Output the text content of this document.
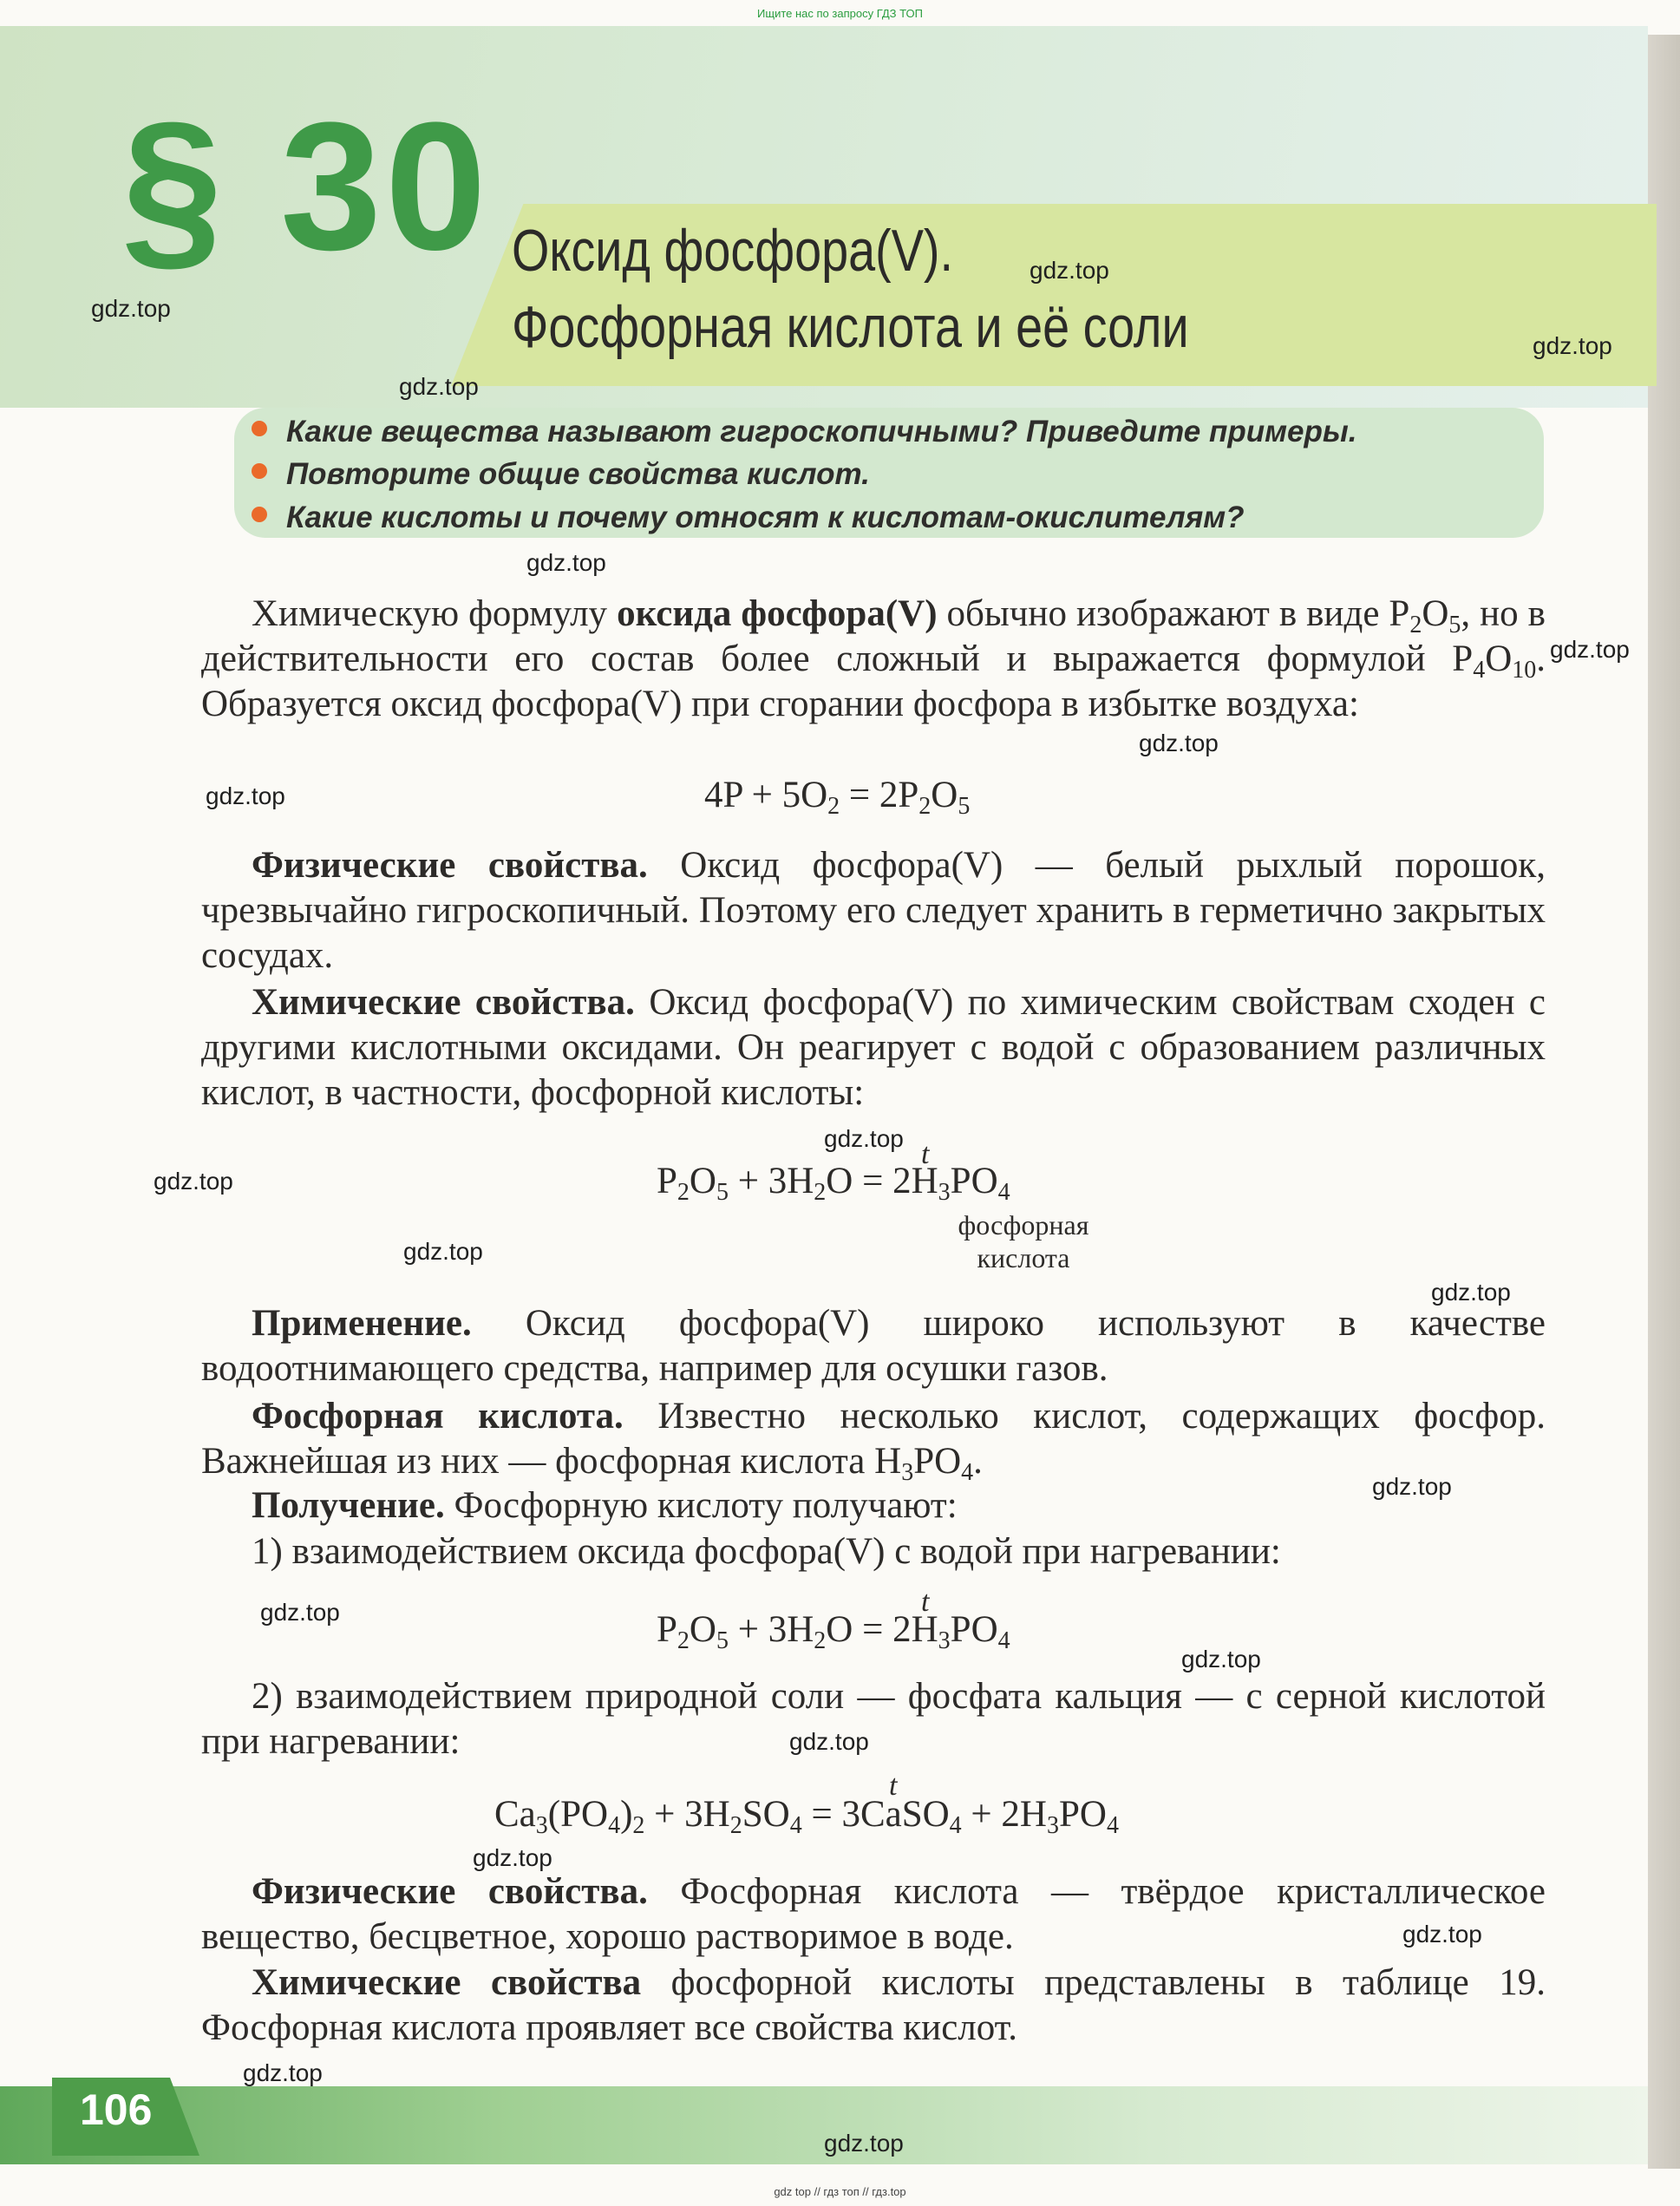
Ищите нас по запросу ГДЗ ТОП
§ 30 Оксид фосфора(V).
Фосфорная кислота и её соли
Какие вещества называют гигроскопичными? Приведите примеры.
Повторите общие свойства кислот.
Какие кислоты и почему относят к кислотам-окислителям?
Химическую формулу оксида фосфора(V) обычно изображают в виде $P_2O_5$, но в действительности его состав более сложный и выражается формулой $P_4O_{10}$. Образуется оксид фосфора(V) при сгорании фосфора в избытке воздуха:
$4P + 5O_2 = 2P_2O_5$
Физические свойства. Оксид фосфора(V) — белый рыхлый порошок, чрезвычайно гигроскопичный. Поэтому его следует хранить в герметично закрытых сосудах.
Химические свойства. Оксид фосфора(V) по химическим свойствам сходен с другими кислотными оксидами. Он реагирует с водой с образованием различных кислот, в частности, фосфорной кислоты:
t
$P_2O_5 + 3H_2O = 2H_3PO_4$
фосфорная
кислота
Применение. Оксид фосфора(V) широко используют в качестве водоотнимающего средства, например для осушки газов.
Фосфорная кислота. Известно несколько кислот, содержащих фосфор. Важнейшая из них — фосфорная кислота $H_3PO_4$.
Получение. Фосфорную кислоту получают:
1) взаимодействием оксида фосфора(V) с водой при нагревании:
t
$P_2O_5 + 3H_2O = 2H_3PO_4$
2) взаимодействием природной соли — фосфата кальция — с серной кислотой при нагревании:
t
$Ca_3(PO_4)_2 + 3H_2SO_4$ = 3CaSO$_4$ + $2H_3PO_4$
Физические свойства. Фосфорная кислота — твёрдое кристаллическое вещество, бесцветное, хорошо растворимое в воде.
Химические свойства фосфорной кислоты представлены в таблице 19. Фосфорная кислота проявляет все свойства кислот.
106
gdz top // гдз топ // гдз.top
gdz.top
gdz.top
gdz.top
gdz.top
gdz.top
gdz.top
gdz.top
gdz.top
gdz.top
gdz.top
gdz.top
gdz.top
gdz.top
gdz.top
gdz.top
gdz.top
gdz.top
gdz.top
gdz.top
gdz.top
